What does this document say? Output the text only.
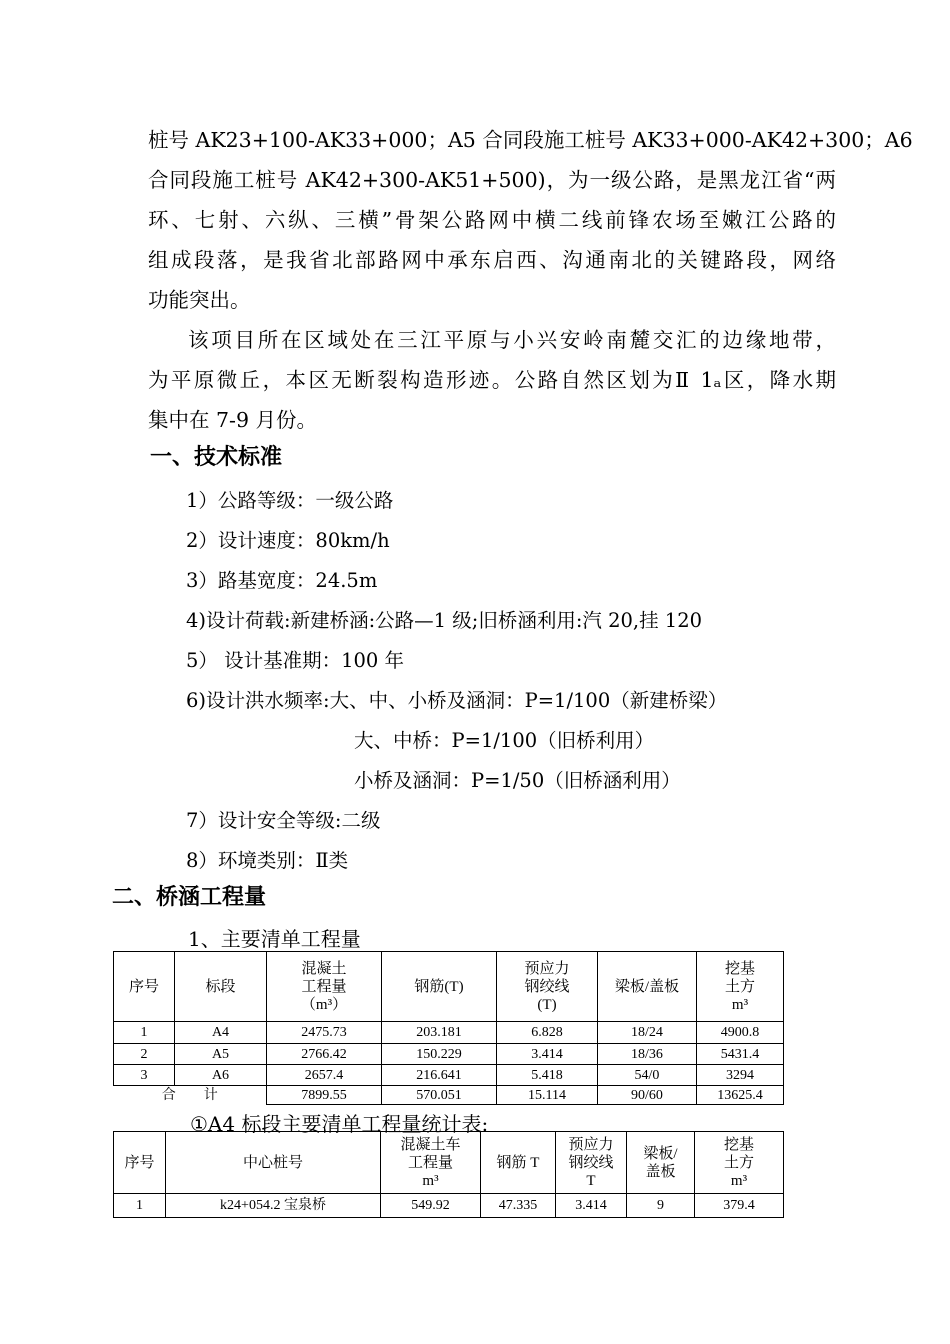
桩号 AK23+100-AK33+000；A5 合同段施工桩号 AK33+000-AK42+300；A6
合同段施工桩号 AK42+300-AK51+500)，为一级公路，是黑龙江省“两
环、七射、六纵、三横”骨架公路网中横二线前锋农场至嫩江公路的
组成段落，是我省北部路网中承东启西、沟通南北的关键路段，网络
功能突出。
该项目所在区域处在三江平原与小兴安岭南麓交汇的边缘地带，
为平原微丘，本区无断裂构造形迹。公路自然区划为Ⅱ 1ₐ区，降水期
集中在 7-9 月份。
一、技术标准
1）公路等级：一级公路
2）设计速度：80km/h
3）路基宽度：24.5m
4)设计荷载:新建桥涵:公路—1 级;旧桥涵利用:汽 20,挂 120
5） 设计基准期：100 年
6)设计洪水频率:大、中、小桥及涵洞：P=1/100（新建桥梁）
大、中桥：P=1/100（旧桥利用）
小桥及涵洞：P=1/50（旧桥涵利用）
7）设计安全等级:二级
8）环境类别：Ⅱ类
二、桥涵工程量
1、主要清单工程量
序号	标段	混凝土
工程量
（m³）	钢筋(T)	预应力
钢绞线
(T)	梁板/盖板	挖基
土方
m³
1	A4	2475.73	203.181	6.828	18/24	4900.8
2	A5	2766.42	150.229	3.414	18/36	5431.4
3	A6	2657.4	216.641	5.418	54/0	3294
合　　计		7899.55	570.051	15.114	90/60	13625.4
①A4 标段主要清单工程量统计表:
序号	中心桩号	混凝土车
工程量
m³	钢筋 T	预应力
钢绞线
T	梁板/
盖板	挖基
土方
m³
1	k24+054.2 宝泉桥	549.92	47.335	3.414	9	379.4
